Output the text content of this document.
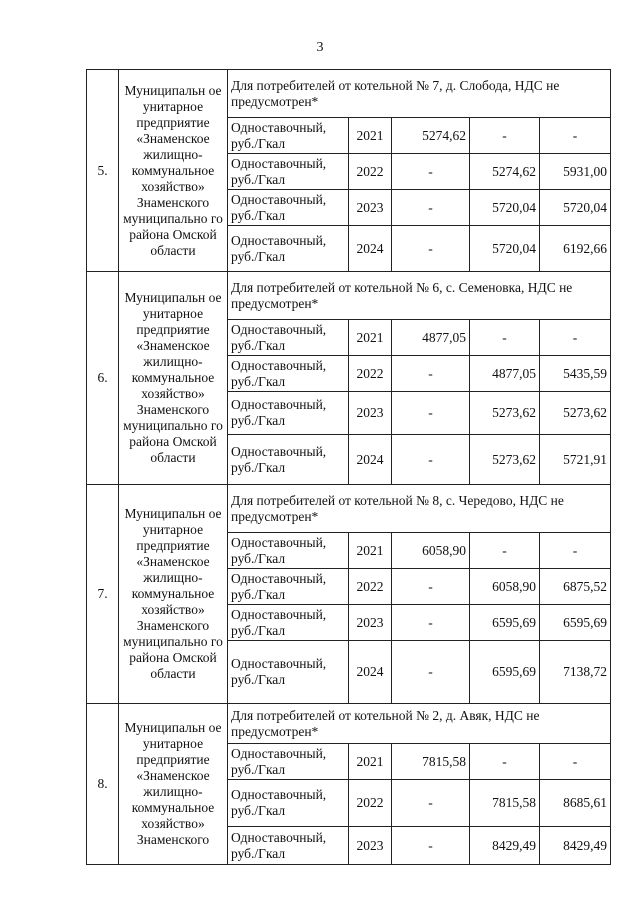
3
5.	Муниципальн ое унитарное предприятие «Знаменское жилищно-коммунальное хозяйство» Знаменского муниципально го района Омской области	Для потребителей от котельной № 7, д. Слобода, НДС не предусмотрен*				
		Одноставочный, руб./Гкал	2021	5274,62	-	-
		Одноставочный, руб./Гкал	2022	-	5274,62	5931,00
		Одноставочный, руб./Гкал	2023	-	5720,04	5720,04
		Одноставочный, руб./Гкал	2024	-	5720,04	6192,66
6.	Муниципальн ое унитарное предприятие «Знаменское жилищно-коммунальное хозяйство» Знаменского муниципально го района Омской области	Для потребителей от котельной № 6, с. Семеновка, НДС не предусмотрен*				
		Одноставочный, руб./Гкал	2021	4877,05	-	-
		Одноставочный, руб./Гкал	2022	-	4877,05	5435,59
		Одноставочный, руб./Гкал	2023	-	5273,62	5273,62
		Одноставочный, руб./Гкал	2024	-	5273,62	5721,91
7.	Муниципальн ое унитарное предприятие «Знаменское жилищно-коммунальное хозяйство» Знаменского муниципально го района Омской области	Для потребителей от котельной № 8, с. Чередово, НДС не предусмотрен*				
		Одноставочный, руб./Гкал	2021	6058,90	-	-
		Одноставочный, руб./Гкал	2022	-	6058,90	6875,52
		Одноставочный, руб./Гкал	2023	-	6595,69	6595,69
		Одноставочный, руб./Гкал	2024	-	6595,69	7138,72
8.	Муниципальн ое унитарное предприятие «Знаменское жилищно-коммунальное хозяйство» Знаменского	Для потребителей от котельной № 2, д. Авяк, НДС не предусмотрен*				
		Одноставочный, руб./Гкал	2021	7815,58	-	-
		Одноставочный, руб./Гкал	2022	-	7815,58	8685,61
		Одноставочный, руб./Гкал	2023	-	8429,49	8429,49
